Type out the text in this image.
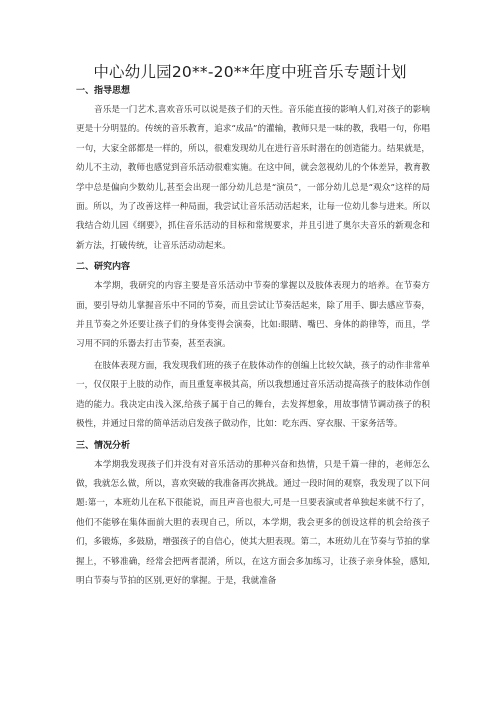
中心幼儿园20**-20**年度中班音乐专题计划

一、指导思想

音乐是一门艺术,喜欢音乐可以说是孩子们的天性。音乐能直接的影响人们,对孩子的影响更是十分明显的。传统的音乐教育，追求“成品”的灌输，教师只是一味的教，我唱一句，你唱一句，大家全部都是一样的，所以，很难发现幼儿在进行音乐时潜在的创造能力。结果就是，幼儿不主动，教师也感觉到音乐活动很难实施。在这中间，就会忽视幼儿的个体差异，教育教学中总是偏向少数幼儿,甚至会出现一部分幼儿总是“演员”，一部分幼儿总是“观众”这样的局面。所以，为了改善这样一种局面，我尝试让音乐活动活起来，让每一位幼儿参与进来。所以我结合幼儿园《纲要》，抓住音乐活动的目标和常规要求，并且引进了奥尔夫音乐的新观念和新方法，打破传统，让音乐活动动起来。

二、研究内容

本学期，我研究的内容主要是音乐活动中节奏的掌握以及肢体表现力的培养。在节奏方面，要引导幼儿掌握音乐中不同的节奏，而且尝试让节奏活起来，除了用手、脚去感应节奏，并且节奏之外还要让孩子们的身体变得会演奏，比如:眼睛、嘴巴、身体的韵律等，而且，学习用不同的乐器去打击节奏，甚至表演。

在肢体表现方面，我发现我们班的孩子在肢体动作的创编上比较欠缺，孩子的动作非常单一，仅仅限于上肢的动作，而且重复率极其高，所以我想通过音乐活动提高孩子的肢体动作创造的能力。我决定由浅入深,给孩子属于自己的舞台，去发挥想象，用故事情节调动孩子的积极性，并通过日常的简单活动启发孩子做动作，比如：吃东西、穿衣服、干家务活等。

三、情况分析

本学期我发现孩子们并没有对音乐活动的那种兴奋和热情，只是千篇一律的，老师怎么做，我就怎么做，所以，喜欢突破的我准备再次挑战。通过一段时间的观察，我发现了以下问题:第一，本班幼儿在私下很能说，而且声音也很大,可是一旦要表演或者单独起来就不行了，他们不能够在集体面前大胆的表现自己，所以，本学期，我会更多的创设这样的机会给孩子们，多锻炼，多鼓励，增强孩子的自信心，使其大胆表现。第二，本班幼儿在节奏与节拍的掌握上，不够准确，经常会把两者混淆，所以，在这方面会多加练习，让孩子亲身体验，感知,明白节奏与节拍的区别,更好的掌握。于是，我就准备
